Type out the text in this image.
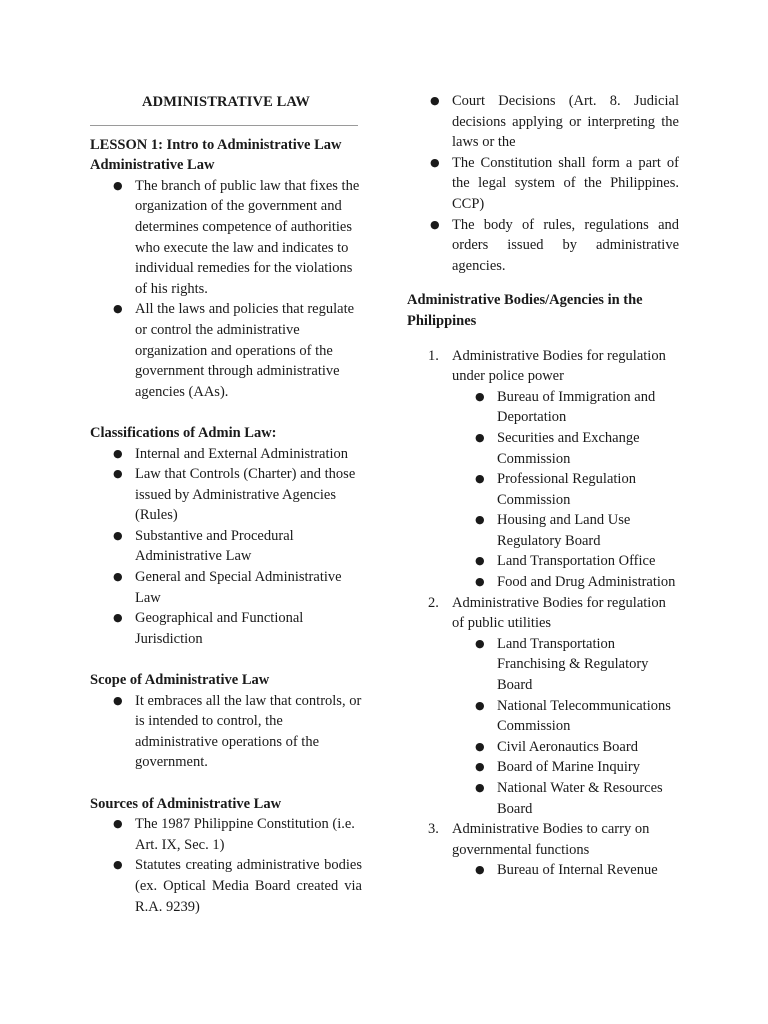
ADMINISTRATIVE LAW

LESSON 1: Intro to Administrative Law

Administrative Law

● The branch of public law that fixes the organization of the government and determines competence of authorities who execute the law and indicates to individual remedies for the violations of his rights.
● All the laws and policies that regulate or control the administrative organization and operations of the government through administrative agencies (AAs).

Classifications of Admin Law:

● Internal and External Administration
● Law that Controls (Charter) and those issued by Administrative Agencies (Rules)
● Substantive and Procedural Administrative Law
● General and Special Administrative Law
● Geographical and Functional Jurisdiction

Scope of Administrative Law

● It embraces all the law that controls, or is intended to control, the administrative operations of the government.

Sources of Administrative Law

● The 1987 Philippine Constitution (i.e. Art. IX, Sec. 1)
● Statutes creating administrative bodies (ex. Optical Media Board created via R.A. 9239)
● Court Decisions (Art. 8. Judicial decisions applying or interpreting the laws or the
● The Constitution shall form a part of the legal system of the Philippines. CCP)
● The body of rules, regulations and orders issued by administrative agencies.

Administrative Bodies/Agencies in the Philippines

1. Administrative Bodies for regulation under police power
● Bureau of Immigration and Deportation
● Securities and Exchange Commission
● Professional Regulation Commission
● Housing and Land Use Regulatory Board
● Land Transportation Office
● Food and Drug Administration
2. Administrative Bodies for regulation of public utilities
● Land Transportation Franchising & Regulatory Board
● National Telecommunications Commission
● Civil Aeronautics Board
● Board of Marine Inquiry
● National Water & Resources Board
3. Administrative Bodies to carry on governmental functions
● Bureau of Internal Revenue
